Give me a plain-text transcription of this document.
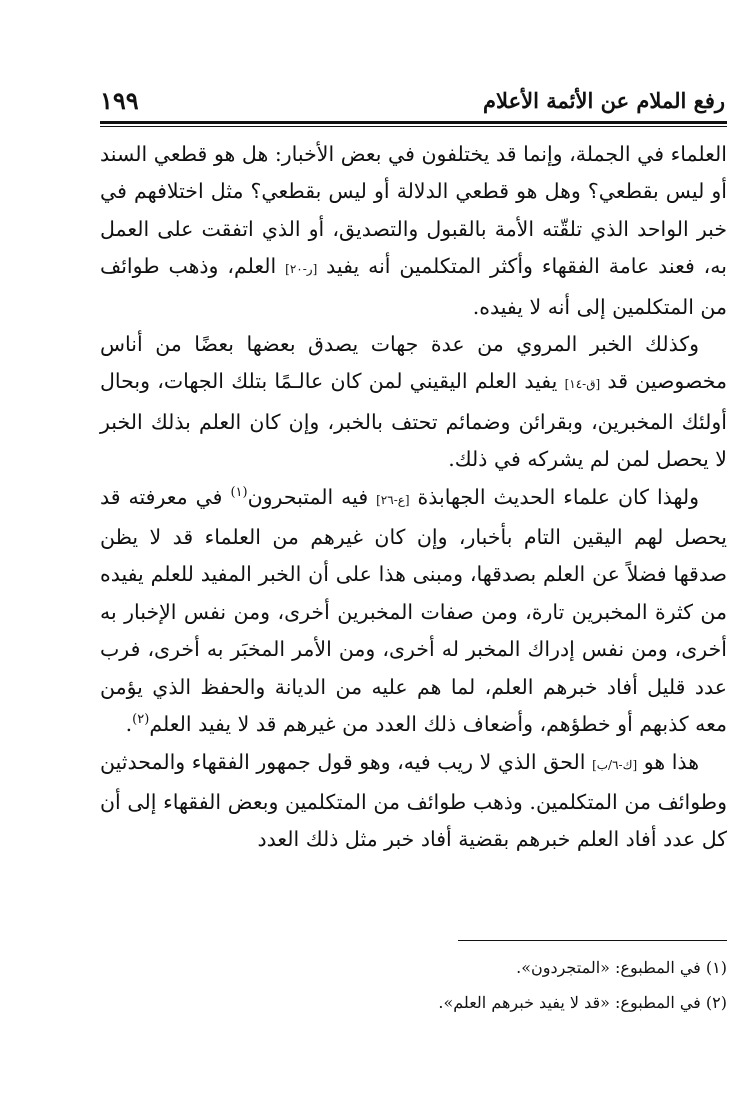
رفع الملام عن الأئمة الأعلام
١٩٩

العلماء في الجملة، وإنما قد يختلفون في بعض الأخبار: هل هو قطعي السند أو ليس بقطعي؟ وهل هو قطعي الدلالة أو ليس بقطعي؟ مثل اختلافهم في خبر الواحد الذي تلقّته الأمة بالقبول والتصديق، أو الذي اتفقت على العمل به، فعند عامة الفقهاء وأكثر المتكلمين أنه يفيد [ر-٢٠] العلم، وذهب طوائف من المتكلمين إلى أنه لا يفيده.

وكذلك الخبر المروي من عدة جهات يصدق بعضها بعضًا من أناس مخصوصين قد [ق-١٤] يفيد العلم اليقيني لمن كان عالـمًا بتلك الجهات، وبحال أولئك المخبرين، وبقرائن وضمائم تحتف بالخبر، وإن كان العلم بذلك الخبر لا يحصل لمن لم يشركه في ذلك.

ولهذا كان علماء الحديث الجهابذة [ع-٢٦] فيه المتبحرون$^{(١)}$ في معرفته قد يحصل لهم اليقين التام بأخبار، وإن كان غيرهم من العلماء قد لا يظن صدقها فضلاً عن العلم بصدقها، ومبنى هذا على أن الخبر المفيد للعلم يفيده من كثرة المخبرين تارة، ومن صفات المخبرين أخرى، ومن نفس الإخبار به أخرى، ومن نفس إدراك المخبر له أخرى، ومن الأمر المخبَر به أخرى، فرب عدد قليل أفاد خبرهم العلم، لما هم عليه من الديانة والحفظ الذي يؤمن معه كذبهم أو خطؤهم، وأضعاف ذلك العدد من غيرهم قد لا يفيد العلم$^{(٢)}$.

هذا هو [ك-٦/ب] الحق الذي لا ريب فيه، وهو قول جمهور الفقهاء والمحدثين وطوائف من المتكلمين. وذهب طوائف من المتكلمين وبعض الفقهاء إلى أن كل عدد أفاد العلم خبرهم بقضية أفاد خبر مثل ذلك العدد

(١) في المطبوع: «المتجردون».

(٢) في المطبوع: «قد لا يفيد خبرهم العلم».
